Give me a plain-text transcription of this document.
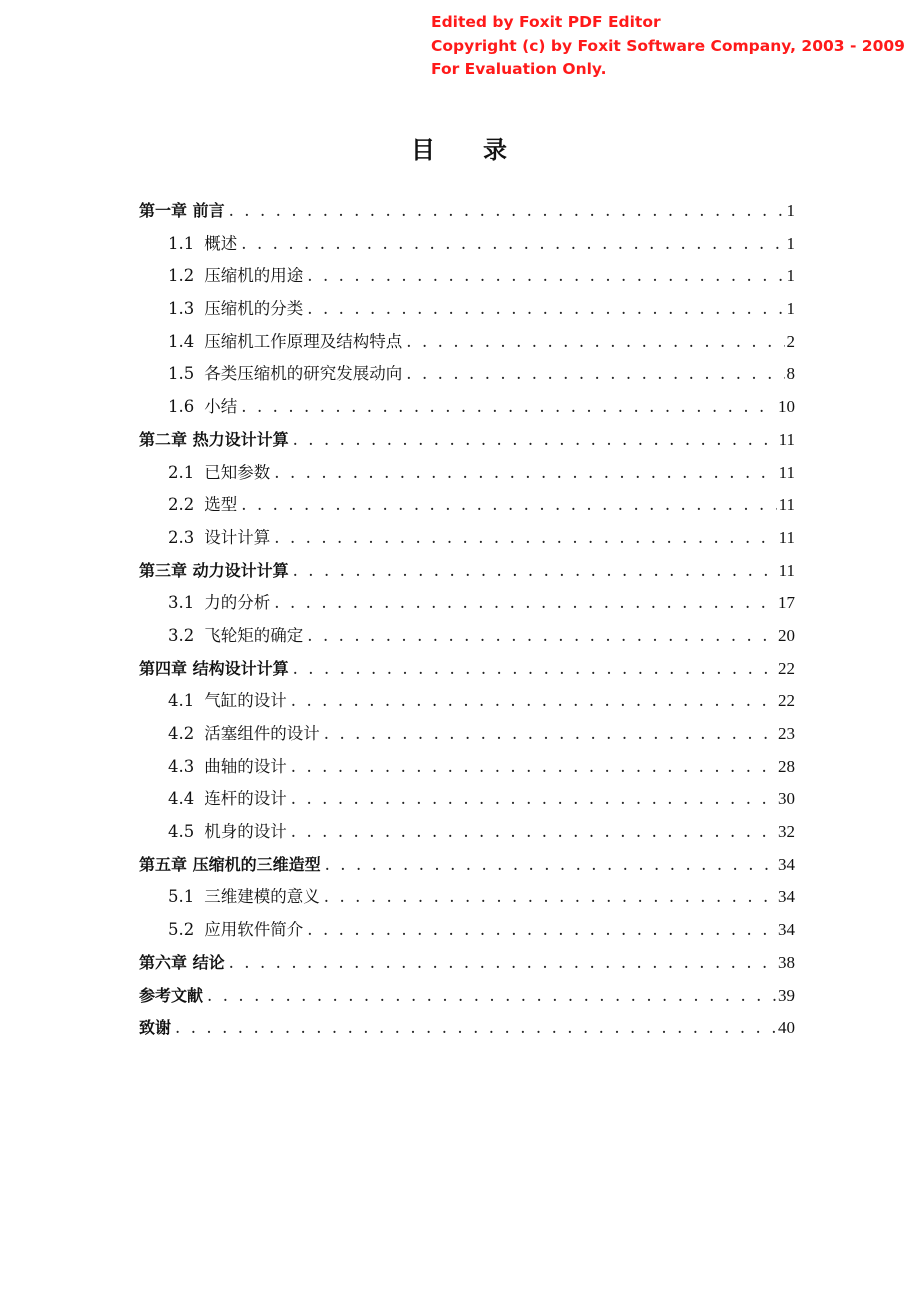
Edited by Foxit PDF Editor
Copyright (c) by Foxit Software Company, 2003 - 2009
For Evaluation Only.
目 录
第一章 前言 . . .	1
1.1 概述 . . .	1
1.2 压缩机的用途 . . .	1
1.3 压缩机的分类 . . .	1
1.4 压缩机工作原理及结构特点 . . .	2
1.5 各类压缩机的研究发展动向 . . .	8
1.6 小结 . . .	10
第二章 热力设计计算 . . .	11
2.1 已知参数 . . .	11
2.2 选型 . . .	11
2.3 设计计算 . . .	11
第三章 动力设计计算 . . .	11
3.1 力的分析 . . .	17
3.2 飞轮矩的确定 . . .	20
第四章 结构设计计算 . . .	22
4.1 气缸的设计 . . .	22
4.2 活塞组件的设计 . . .	23
4.3 曲轴的设计 . . .	28
4.4 连杆的设计 . . .	30
4.5 机身的设计 . . .	32
第五章 压缩机的三维造型 . . .	34
5.1 三维建模的意义 . . .	34
5.2 应用软件简介 . . .	34
第六章 结论 . . .	38
参考文献 . . .	39
致谢 . . .	40
